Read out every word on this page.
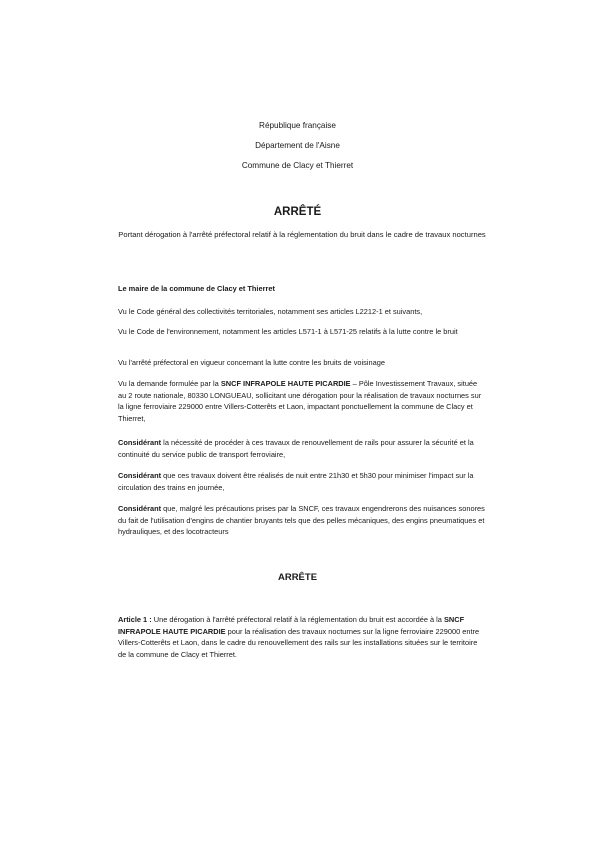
République française
Département de l'Aisne
Commune de Clacy et Thierret
ARRÊTÉ
Portant dérogation à l'arrêté préfectoral relatif à la réglementation du bruit dans le cadre de travaux nocturnes
Le maire de la commune de Clacy et Thierret
Vu le Code général des collectivités territoriales, notamment ses articles L2212-1 et suivants,
Vu le Code de l'environnement, notamment les articles L571-1 à L571-25 relatifs à la lutte contre le bruit
Vu l'arrêté préfectoral en vigueur concernant la lutte contre les bruits de voisinage
Vu la demande formulée par la SNCF INFRAPOLE HAUTE PICARDIE – Pôle Investissement Travaux, située au 2 route nationale, 80330 LONGUEAU, sollicitant une dérogation pour la réalisation de travaux nocturnes sur la ligne ferroviaire 229000 entre Villers-Cotterêts et Laon, impactant ponctuellement la commune de Clacy et Thierret,
Considérant la nécessité de procéder à ces travaux de renouvellement de rails pour assurer la sécurité et la continuité du service public de transport ferroviaire,
Considérant que ces travaux doivent être réalisés de nuit entre 21h30 et 5h30 pour minimiser l'impact sur la circulation des trains en journée,
Considérant que, malgré les précautions prises par la SNCF, ces travaux engendrerons des nuisances sonores du fait de l'utilisation d'engins de chantier bruyants tels que des pelles mécaniques, des engins pneumatiques et hydrauliques, et des locotracteurs
ARRÊTE
Article 1 : Une dérogation à l'arrêté préfectoral relatif à la réglementation du bruit est accordée à la SNCF INFRAPOLE HAUTE PICARDIE pour la réalisation des travaux nocturnes sur la ligne ferroviaire 229000 entre Villers-Cotterêts et Laon, dans le cadre du renouvellement des rails sur les installations situées sur le territoire de la commune de Clacy et Thierret.
